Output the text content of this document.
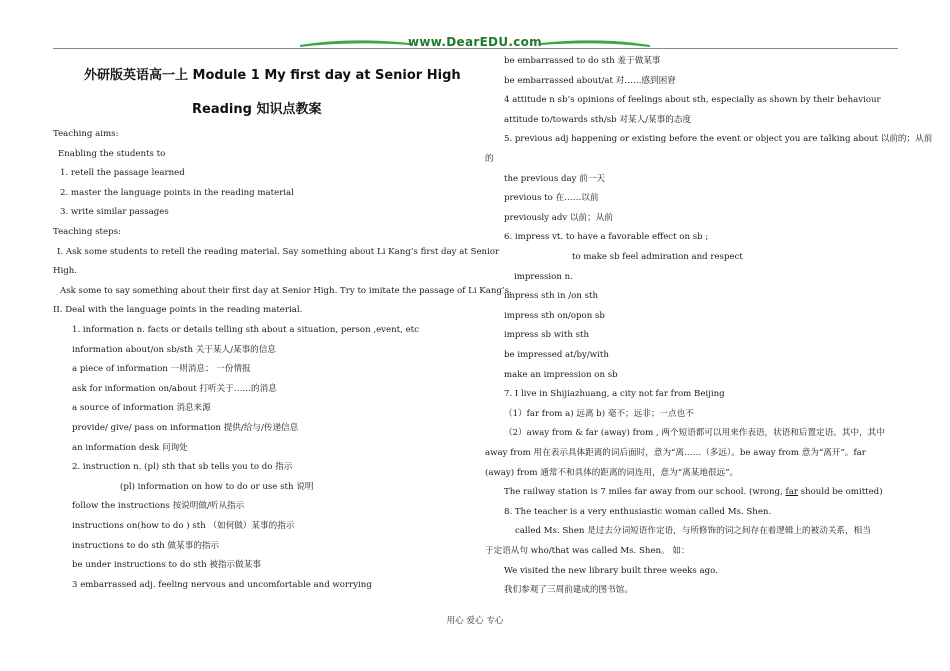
www.DearEDU.com
外研版英语高一上 Module 1 My first day at Senior High
Reading 知识点教案
Teaching aims:
Enabling the students to
1. retell the passage learned
2. master the language points in the reading material
3. write similar passages
Teaching steps:
I. Ask some students to retell the reading material. Say something about Li Kang’s first day at Senior
High.
Ask some to say something about their first day at Senior High. Try to imitate the passage of Li Kang’s.
II. Deal with the language points in the reading material.
1. information n. facts or details telling sth about a situation, person ,event, etc
information about/on sb/sth 关于某人/某事的信息
a piece of information 一则消息； 一份情报
ask for information on/about 打听关于……的消息
a source of information 消息来源
provide/ give/ pass on information 提供/给与/传递信息
an information desk 问询处
2. instruction n. (pl) sth that sb tells you to do 指示
(pl) information on how to do or use sth 说明
follow the instructions 按说明做/听从指示
instructions on(how to do ) sth （如何做）某事的指示
instructions to do sth 做某事的指示
be under instructions to do sth 被指示做某事
3 embarrassed adj. feeling nervous and uncomfortable and worrying
be embarrassed to do sth 羞于做某事
be embarrassed about/at 对……感到困窘
4 attitude n sb’s opinions of feelings about sth, especially as shown by their behaviour
attitude to/towards sth/sb 对某人/某事的态度
5. previous adj happening or existing before the event or object you are talking about 以前的；从前
的
the previous day 前一天
previous to 在……以前
previously adv 以前；从前
6. impress vt. to have a favorable effect on sb ;
to make sb feel admiration and respect
impression n.
impress sth in /on sth
impress sth on/opon sb
impress sb with sth
be impressed at/by/with
make an impression on sb
7. I live in Shijiazhuang, a city not far from Beijing
（1）far from a) 远离 b) 毫不；远非；一点也不
（2）away from & far (away) from , 两个短语都可以用来作表语，状语和后置定语。其中，其中
away from 用在表示具体距离的词后面时，意为“离……（多远）。be away from 意为“离开”。far
(away) from 通常不和具体的距离的词连用，意为“离某地很远”。
The railway station is 7 miles far away from our school. (wrong, far should be omitted)
8. The teacher is a very enthusiastic woman called Ms. Shen.
called Ms. Shen 是过去分词短语作定语，与所修饰的词之间存在着逻辑上的被动关系，相当
于定语从句 who/that was called Ms. Shen。 如：
We visited the new library built three weeks ago.
我们参观了三周前建成的图书馆。
用心 爱心 专心
